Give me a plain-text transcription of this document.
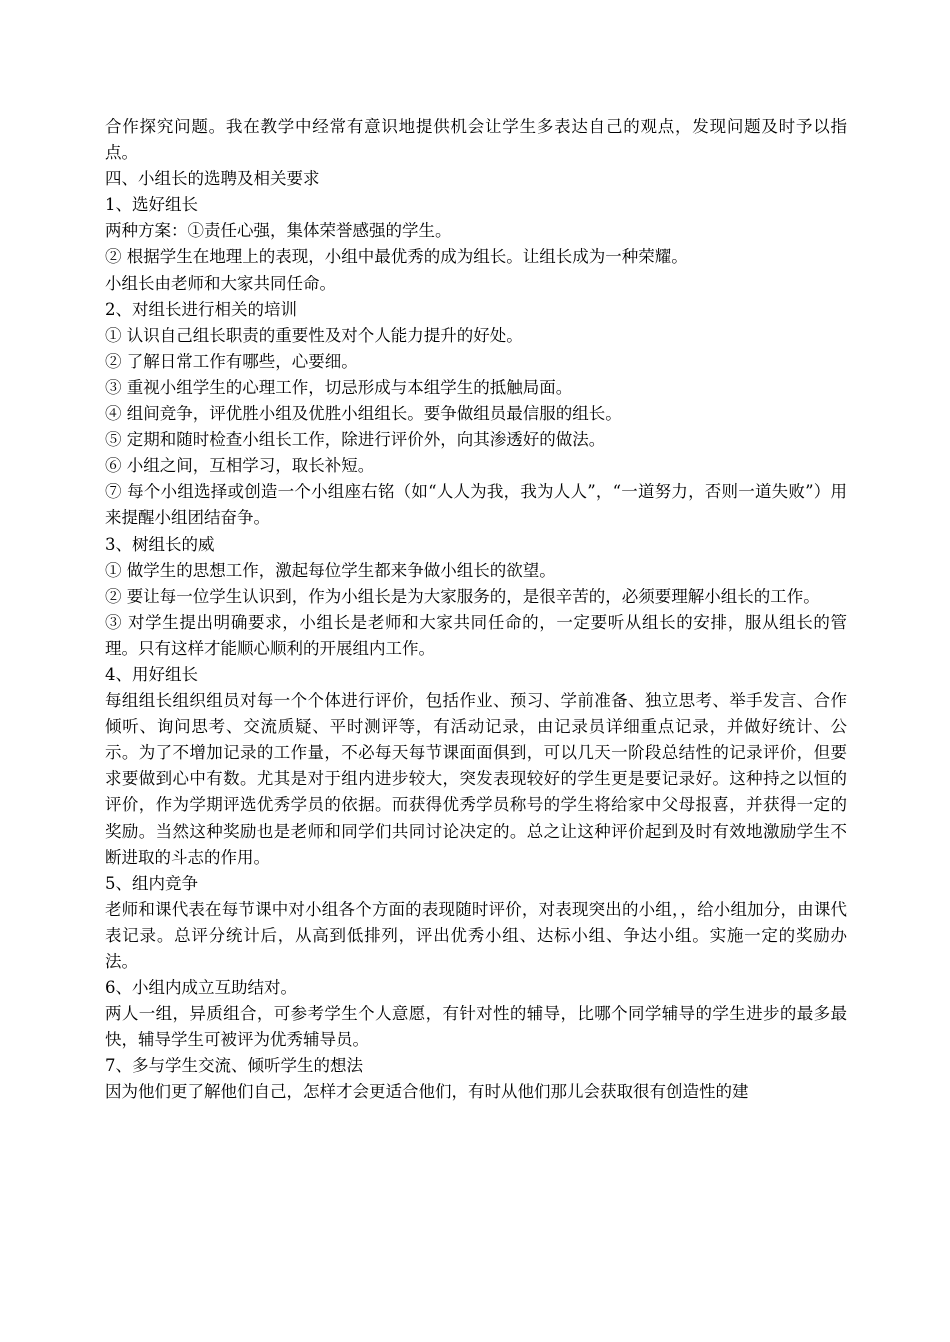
合作探究问题。我在教学中经常有意识地提供机会让学生多表达自己的观点，发现问题及时予以指点。

四、小组长的选聘及相关要求

1、选好组长

两种方案：①责任心强，集体荣誉感强的学生。

② 根据学生在地理上的表现，小组中最优秀的成为组长。让组长成为一种荣耀。

小组长由老师和大家共同任命。

2、对组长进行相关的培训

① 认识自己组长职责的重要性及对个人能力提升的好处。

② 了解日常工作有哪些，心要细。

③ 重视小组学生的心理工作，切忌形成与本组学生的抵触局面。

④ 组间竞争，评优胜小组及优胜小组组长。要争做组员最信服的组长。

⑤ 定期和随时检查小组长工作，除进行评价外，向其渗透好的做法。

⑥ 小组之间，互相学习，取长补短。

⑦ 每个小组选择或创造一个小组座右铭（如“人人为我，我为人人”，“一道努力，否则一道失败”）用来提醒小组团结奋争。

3、树组长的威

① 做学生的思想工作，激起每位学生都来争做小组长的欲望。

② 要让每一位学生认识到，作为小组长是为大家服务的，是很辛苦的，必须要理解小组长的工作。

③ 对学生提出明确要求，小组长是老师和大家共同任命的，一定要听从组长的安排，服从组长的管理。只有这样才能顺心顺利的开展组内工作。

4、用好组长

每组组长组织组员对每一个个体进行评价，包括作业、预习、学前准备、独立思考、举手发言、合作倾听、询问思考、交流质疑、平时测评等，有活动记录，由记录员详细重点记录，并做好统计、公示。为了不增加记录的工作量，不必每天每节课面面俱到，可以几天一阶段总结性的记录评价，但要求要做到心中有数。尤其是对于组内进步较大，突发表现较好的学生更是要记录好。这种持之以恒的评价，作为学期评选优秀学员的依据。而获得优秀学员称号的学生将给家中父母报喜，并获得一定的奖励。当然这种奖励也是老师和同学们共同讨论决定的。总之让这种评价起到及时有效地激励学生不断进取的斗志的作用。

5、组内竞争

老师和课代表在每节课中对小组各个方面的表现随时评价，对表现突出的小组，，给小组加分，由课代表记录。总评分统计后，从高到低排列，评出优秀小组、达标小组、争达小组。实施一定的奖励办法。

6、小组内成立互助结对。

两人一组，异质组合，可参考学生个人意愿，有针对性的辅导，比哪个同学辅导的学生进步的最多最快，辅导学生可被评为优秀辅导员。

7、多与学生交流、倾听学生的想法

因为他们更了解他们自己，怎样才会更适合他们，有时从他们那儿会获取很有创造性的建
